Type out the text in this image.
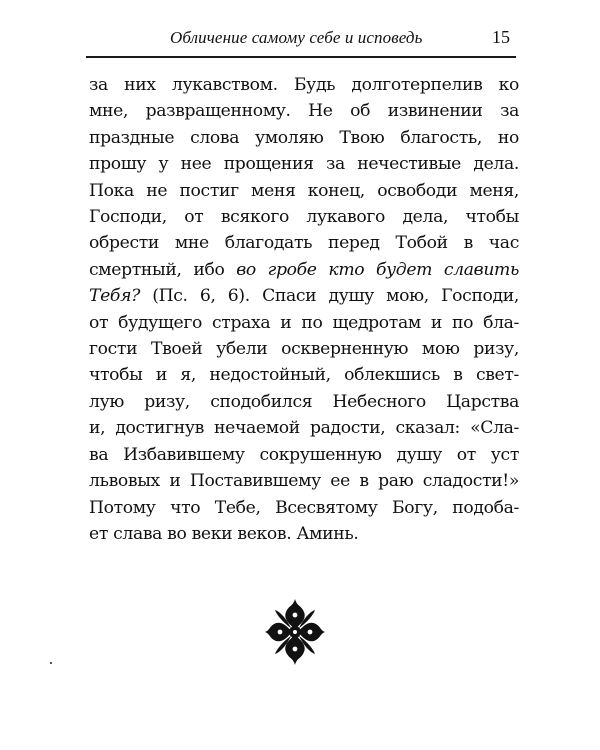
Обличение самому себе и исповедь	15
за них лукавством. Будь долготерпелив ко
мне, развращенному. Не об извинении за
праздные слова умоляю Твою благость, но
прошу у нее прощения за нечестивые дела.
Пока не постиг меня конец, освободи меня,
Господи, от всякого лукавого дела, чтобы
обрести мне благодать перед Тобой в час
смертный, ибо во гробе кто будет славить
Тебя? (Пс. 6, 6). Спаси душу мою, Господи,
от будущего страха и по щедротам и по бла-
гости Твоей убели оскверненную мою ризу,
чтобы и я, недостойный, облекшись в свет-
лую ризу, сподобился Небесного Царства
и, достигнув нечаемой радости, сказал: «Сла-
ва Избавившему сокрушенную душу от уст
львовых и Поставившему ее в раю сладости!»
Потому что Тебе, Всесвятому Богу, подоба-
ет слава во веки веков. Аминь.
